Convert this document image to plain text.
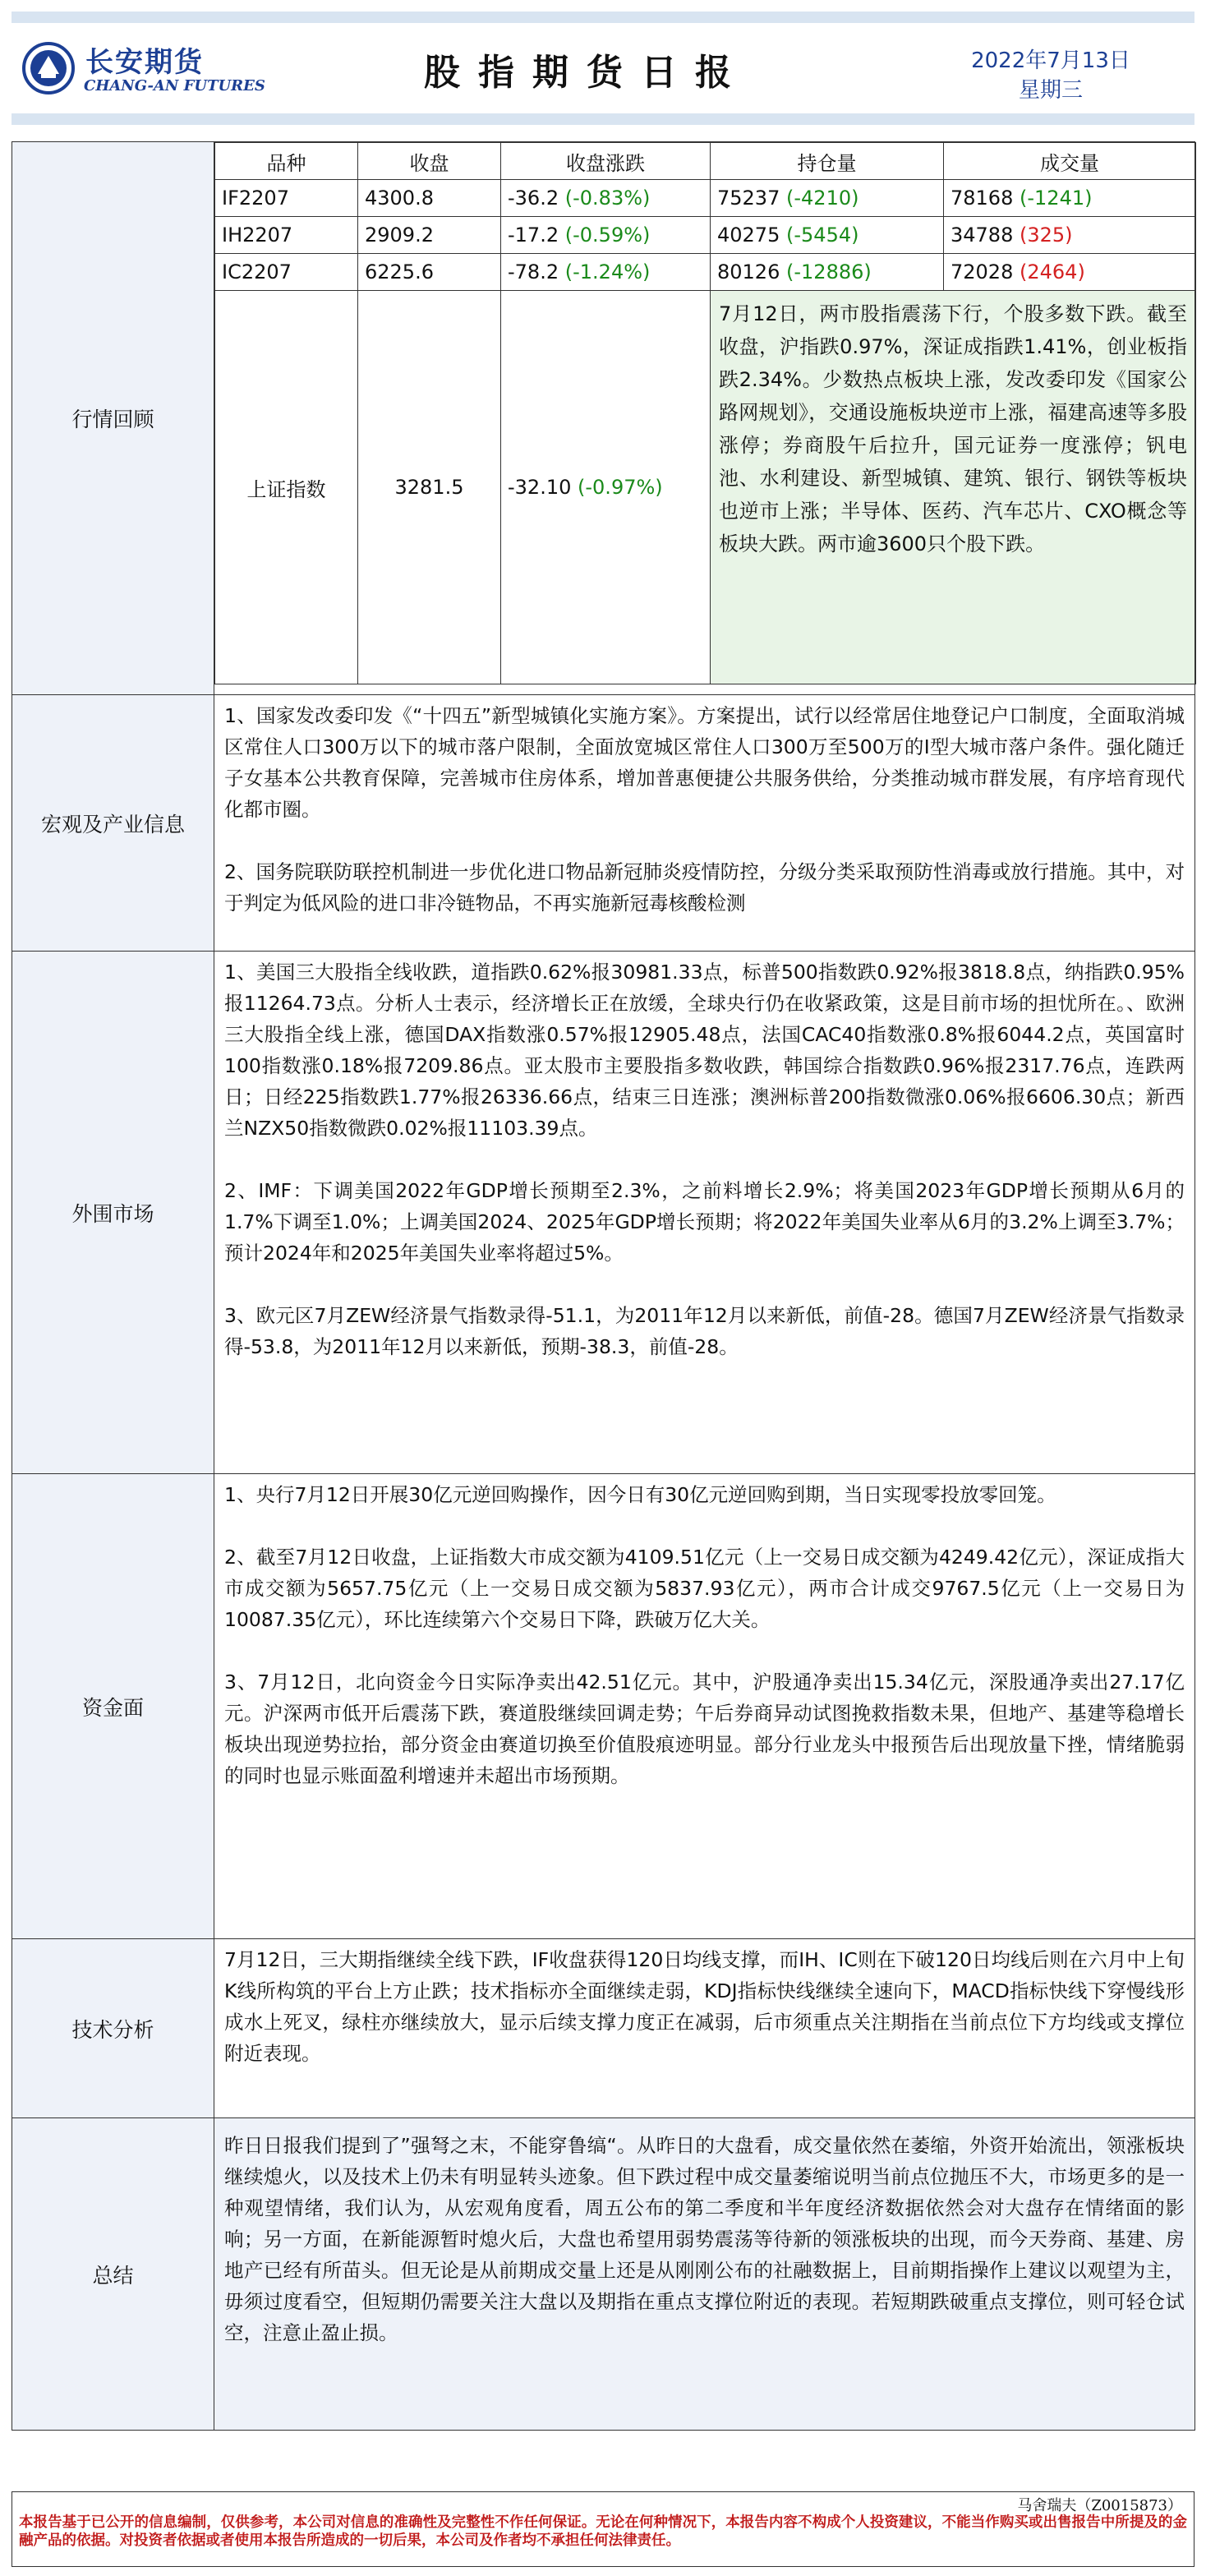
长安期货
CHANG-AN FUTURES	股指期货日报	2022年7月13日
星期三
行情回顾	
品种	收盘	收盘涨跌	持仓量	成交量
IF2207	4300.8	-36.2 (-0.83%)	75237 (-4210)	78168 (-1241)
IH2207	2909.2	-17.2 (-0.59%)	40275 (-5454)	34788 (325)
IC2207	6225.6	-78.2 (-1.24%)	80126 (-12886)	72028 (2464)
上证指数	3281.5	-32.10 (-0.97%)	7月12日，两市股指震荡下行，个股多数下跌。截至收盘，沪指跌0.97%，深证成指跌1.41%，创业板指跌2.34%。少数热点板块上涨，发改委印发《国家公路网规划》，交通设施板块逆市上涨，福建高速等多股涨停；券商股午后拉升，国元证券一度涨停；钒电池、水利建设、新型城镇、建筑、银行、钢铁等板块也逆市上涨；半导体、医药、汽车芯片、CXO概念等板块大跌。两市逾3600只个股下跌。

宏观及产业信息	

1、国家发改委印发《“十四五”新型城镇化实施方案》。方案提出，试行以经常居住地登记户口制度，全面取消城区常住人口300万以下的城市落户限制，全面放宽城区常住人口300万至500万的I型大城市落户条件。强化随迁子女基本公共教育保障，完善城市住房体系，增加普惠便捷公共服务供给，分类推动城市群发展，有序培育现代化都市圈。

2、国务院联防联控机制进一步优化进口物品新冠肺炎疫情防控，分级分类采取预防性消毒或放行措施。其中，对于判定为低风险的进口非冷链物品，不再实施新冠毒核酸检测

外围市场	

1、美国三大股指全线收跌，道指跌0.62%报30981.33点，标普500指数跌0.92%报3818.8点，纳指跌0.95%报11264.73点。分析人士表示，经济增长正在放缓，全球央行仍在收紧政策，这是目前市场的担忧所在。、欧洲三大股指全线上涨，德国DAX指数涨0.57%报12905.48点，法国CAC40指数涨0.8%报6044.2点，英国富时100指数涨0.18%报7209.86点。亚太股市主要股指多数收跌，韩国综合指数跌0.96%报2317.76点，连跌两日；日经225指数跌1.77%报26336.66点，结束三日连涨；澳洲标普200指数微涨0.06%报6606.30点；新西兰NZX50指数微跌0.02%报11103.39点。

2、IMF：下调美国2022年GDP增长预期至2.3%，之前料增长2.9%；将美国2023年GDP增长预期从6月的1.7%下调至1.0%；上调美国2024、2025年GDP增长预期；将2022年美国失业率从6月的3.2%上调至3.7%；预计2024年和2025年美国失业率将超过5%。

3、欧元区7月ZEW经济景气指数录得-51.1，为2011年12月以来新低，前值-28。德国7月ZEW经济景气指数录得-53.8，为2011年12月以来新低，预期-38.3，前值-28。

资金面	

1、央行7月12日开展30亿元逆回购操作，因今日有30亿元逆回购到期，当日实现零投放零回笼。

2、截至7月12日收盘，上证指数大市成交额为4109.51亿元（上一交易日成交额为4249.42亿元），深证成指大市成交额为5657.75亿元（上一交易日成交额为5837.93亿元），两市合计成交9767.5亿元（上一交易日为10087.35亿元），环比连续第六个交易日下降，跌破万亿大关。

3、7月12日，北向资金今日实际净卖出42.51亿元。其中，沪股通净卖出15.34亿元，深股通净卖出27.17亿元。沪深两市低开后震荡下跌，赛道股继续回调走势；午后券商异动试图挽救指数未果，但地产、基建等稳增长板块出现逆势拉抬，部分资金由赛道切换至价值股痕迹明显。部分行业龙头中报预告后出现放量下挫，情绪脆弱的同时也显示账面盈利增速并未超出市场预期。

技术分析	

7月12日，三大期指继续全线下跌，IF收盘获得120日均线支撑，而IH、IC则在下破120日均线后则在六月中上旬K线所构筑的平台上方止跌；技术指标亦全面继续走弱，KDJ指标快线继续全速向下，MACD指标快线下穿慢线形成水上死叉，绿柱亦继续放大，显示后续支撑力度正在减弱，后市须重点关注期指在当前点位下方均线或支撑位附近表现。

总结	

昨日日报我们提到了”强弩之末，不能穿鲁缟“。从昨日的大盘看，成交量依然在萎缩，外资开始流出，领涨板块继续熄火，以及技术上仍未有明显转头迹象。但下跌过程中成交量萎缩说明当前点位抛压不大，市场更多的是一种观望情绪，我们认为，从宏观角度看，周五公布的第二季度和半年度经济数据依然会对大盘存在情绪面的影响；另一方面，在新能源暂时熄火后，大盘也希望用弱势震荡等待新的领涨板块的出现，而今天券商、基建、房地产已经有所苗头。但无论是从前期成交量上还是从刚刚公布的社融数据上，目前期指操作上建议以观望为主，毋须过度看空，但短期仍需要关注大盘以及期指在重点支撑位附近的表现。若短期跌破重点支撑位，则可轻仓试空，注意止盈止损。

马舍瑞夫（Z0015873）
本报告基于已公开的信息编制，仅供参考，本公司对信息的准确性及完整性不作任何保证。无论在何种情况下，本报告内容不构成个人投资建议，不能当作购买或出售报告中所提及的金融产品的依据。对投资者依据或者使用本报告所造成的一切后果，本公司及作者均不承担任何法律责任。
